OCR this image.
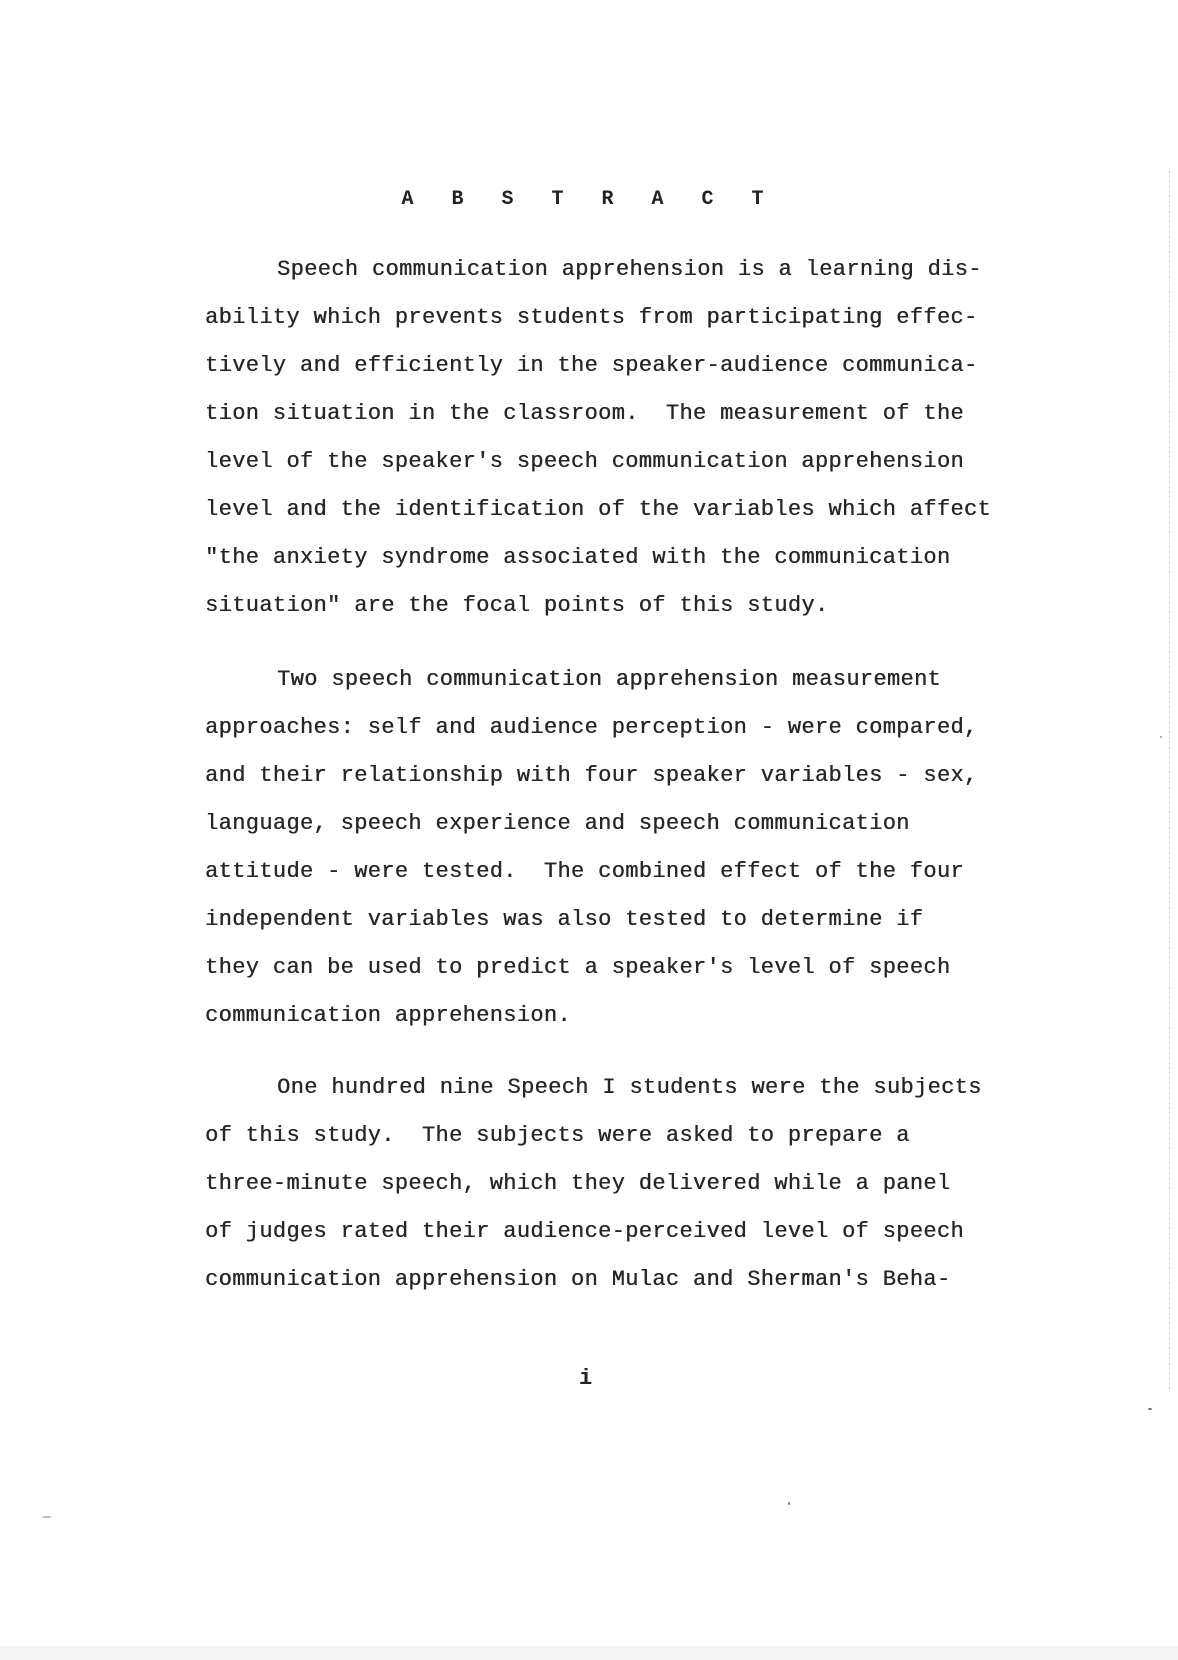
A B S T R A C T
Speech communication apprehension is a learning dis-
ability which prevents students from participating effec-
tively and efficiently in the speaker-audience communica-
tion situation in the classroom.  The measurement of the
level of the speaker's speech communication apprehension
level and the identification of the variables which affect
"the anxiety syndrome associated with the communication
situation" are the focal points of this study.
Two speech communication apprehension measurement
approaches: self and audience perception - were compared,
and their relationship with four speaker variables - sex,
language, speech experience and speech communication
attitude - were tested.  The combined effect of the four
independent variables was also tested to determine if
they can be used to predict a speaker's level of speech
communication apprehension.
One hundred nine Speech I students were the subjects
of this study.  The subjects were asked to prepare a
three-minute speech, which they delivered while a panel
of judges rated their audience-perceived level of speech
communication apprehension on Mulac and Sherman's Beha-
i
